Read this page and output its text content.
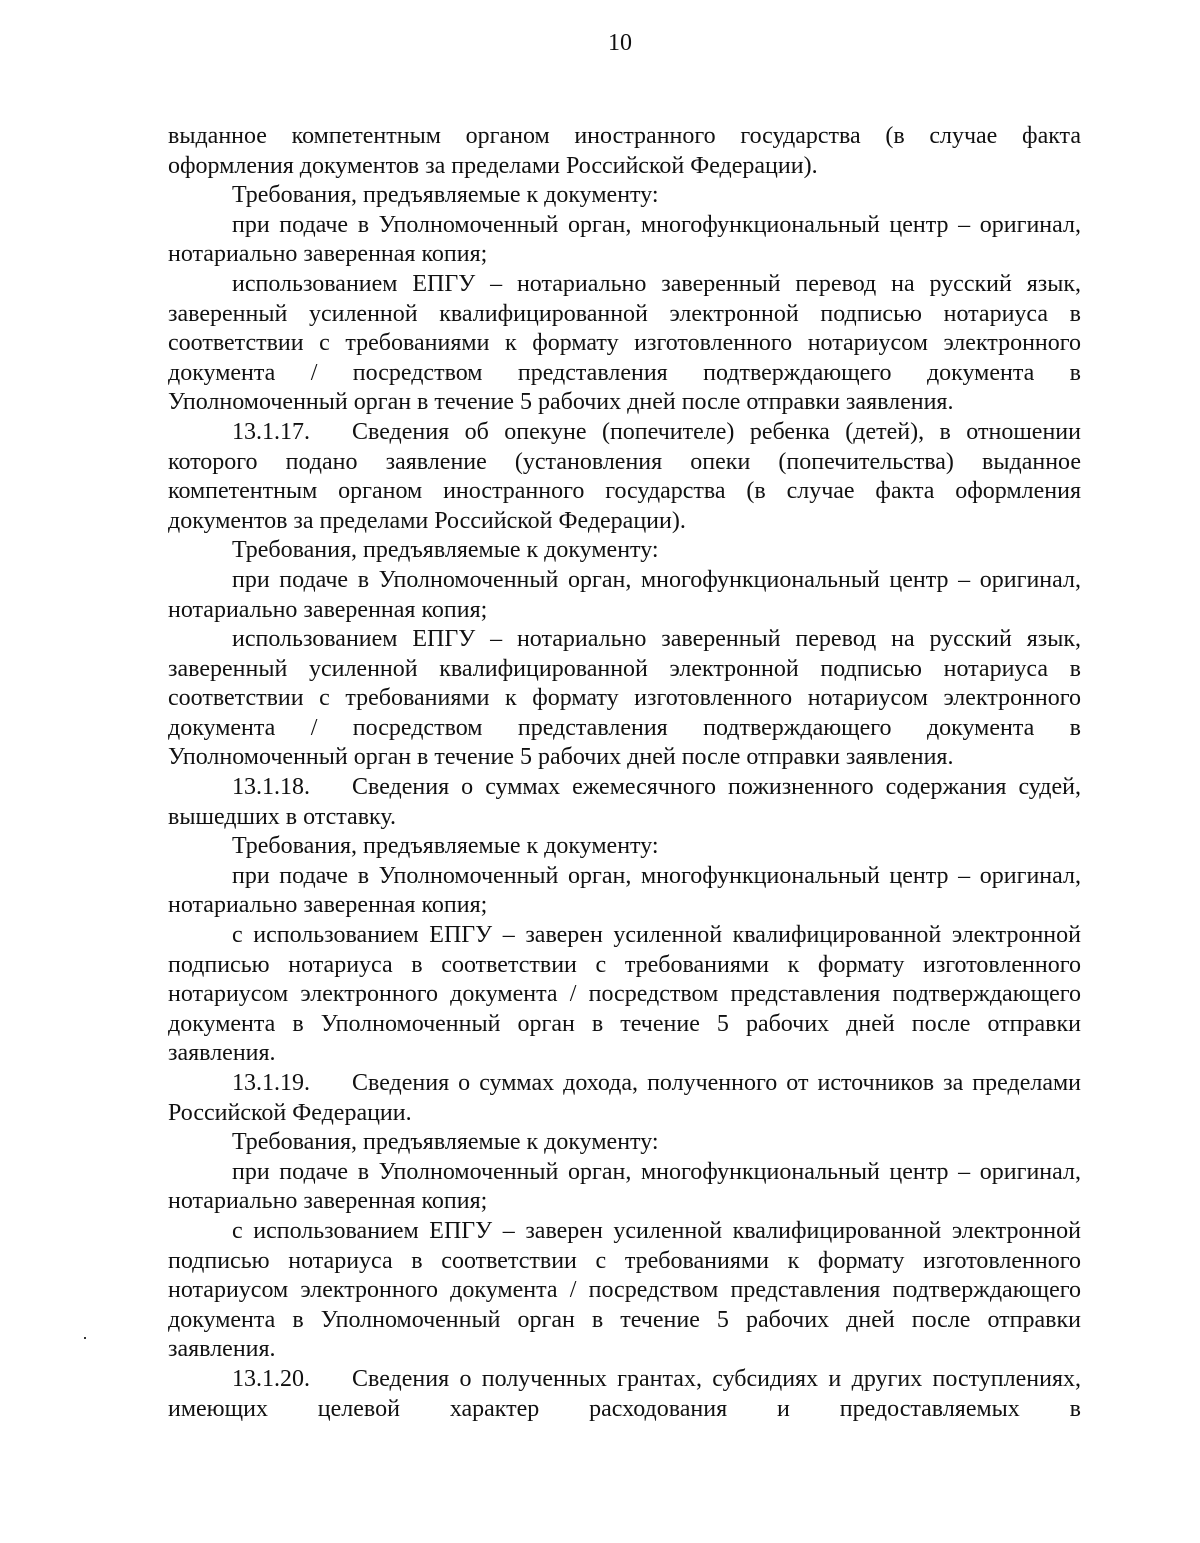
10

выданное компетентным органом иностранного государства (в случае факта оформления документов за пределами Российской Федерации).

Требования, предъявляемые к документу:

при подаче в Уполномоченный орган, многофункциональный центр – оригинал, нотариально заверенная копия;

использованием ЕПГУ – нотариально заверенный перевод на русский язык, заверенный усиленной квалифицированной электронной подписью нотариуса в соответствии с требованиями к формату изготовленного нотариусом электронного документа / посредством представления подтверждающего документа в Уполномоченный орган в течение 5 рабочих дней после отправки заявления.

13.1.17. Сведения об опекуне (попечителе) ребенка (детей), в отношении которого подано заявление (установления опеки (попечительства) выданное компетентным органом иностранного государства (в случае факта оформления документов за пределами Российской Федерации).

Требования, предъявляемые к документу:

при подаче в Уполномоченный орган, многофункциональный центр – оригинал, нотариально заверенная копия;

использованием ЕПГУ – нотариально заверенный перевод на русский язык, заверенный усиленной квалифицированной электронной подписью нотариуса в соответствии с требованиями к формату изготовленного нотариусом электронного документа / посредством представления подтверждающего документа в Уполномоченный орган в течение 5 рабочих дней после отправки заявления.

13.1.18. Сведения о суммах ежемесячного пожизненного содержания судей, вышедших в отставку.

Требования, предъявляемые к документу:

при подаче в Уполномоченный орган, многофункциональный центр – оригинал, нотариально заверенная копия;

с использованием ЕПГУ – заверен усиленной квалифицированной электронной подписью нотариуса в соответствии с требованиями к формату изготовленного нотариусом электронного документа / посредством представления подтверждающего документа в Уполномоченный орган в течение 5 рабочих дней после отправки заявления.

13.1.19. Сведения о суммах дохода, полученного от источников за пределами Российской Федерации.

Требования, предъявляемые к документу:

при подаче в Уполномоченный орган, многофункциональный центр – оригинал, нотариально заверенная копия;

с использованием ЕПГУ – заверен усиленной квалифицированной электронной подписью нотариуса в соответствии с требованиями к формату изготовленного нотариусом электронного документа / посредством представления подтверждающего документа в Уполномоченный орган в течение 5 рабочих дней после отправки заявления.

13.1.20. Сведения о полученных грантах, субсидиях и других поступлениях, имеющих целевой характер расходования и предоставляемых в
